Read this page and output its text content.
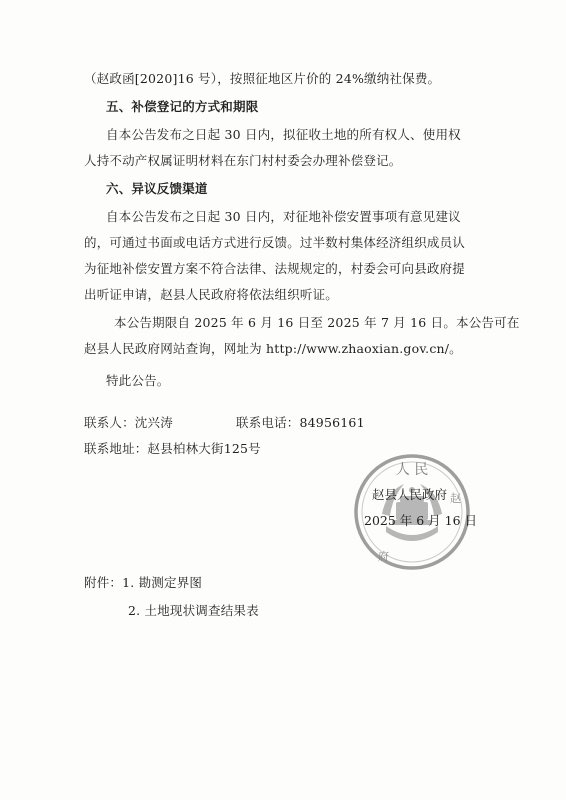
（赵政函[2020]16 号），按照征地区片价的 24%缴纳社保费。
五、补偿登记的方式和期限
自本公告发布之日起 30 日内，拟征收土地的所有权人、使用权
人持不动产权属证明材料在东门村村委会办理补偿登记。
六、异议反馈渠道
自本公告发布之日起 30 日内，对征地补偿安置事项有意见建议
的，可通过书面或电话方式进行反馈。过半数村集体经济组织成员认
为征地补偿安置方案不符合法律、法规规定的，村委会可向县政府提
出听证申请，赵县人民政府将依法组织听证。
本公告期限自 2025 年 6 月 16 日至 2025 年 7 月 16 日。本公告可在
赵县人民政府网站查询，网址为 http://www.zhaoxian.gov.cn/。
特此公告。
联系人：沈兴涛	联系电话：84956161
联系地址：赵县柏林大街125号
人 民
府
赵
赵县人民政府
2025 年 6 月 16 日
附件：1. 勘测定界图
2. 土地现状调查结果表
